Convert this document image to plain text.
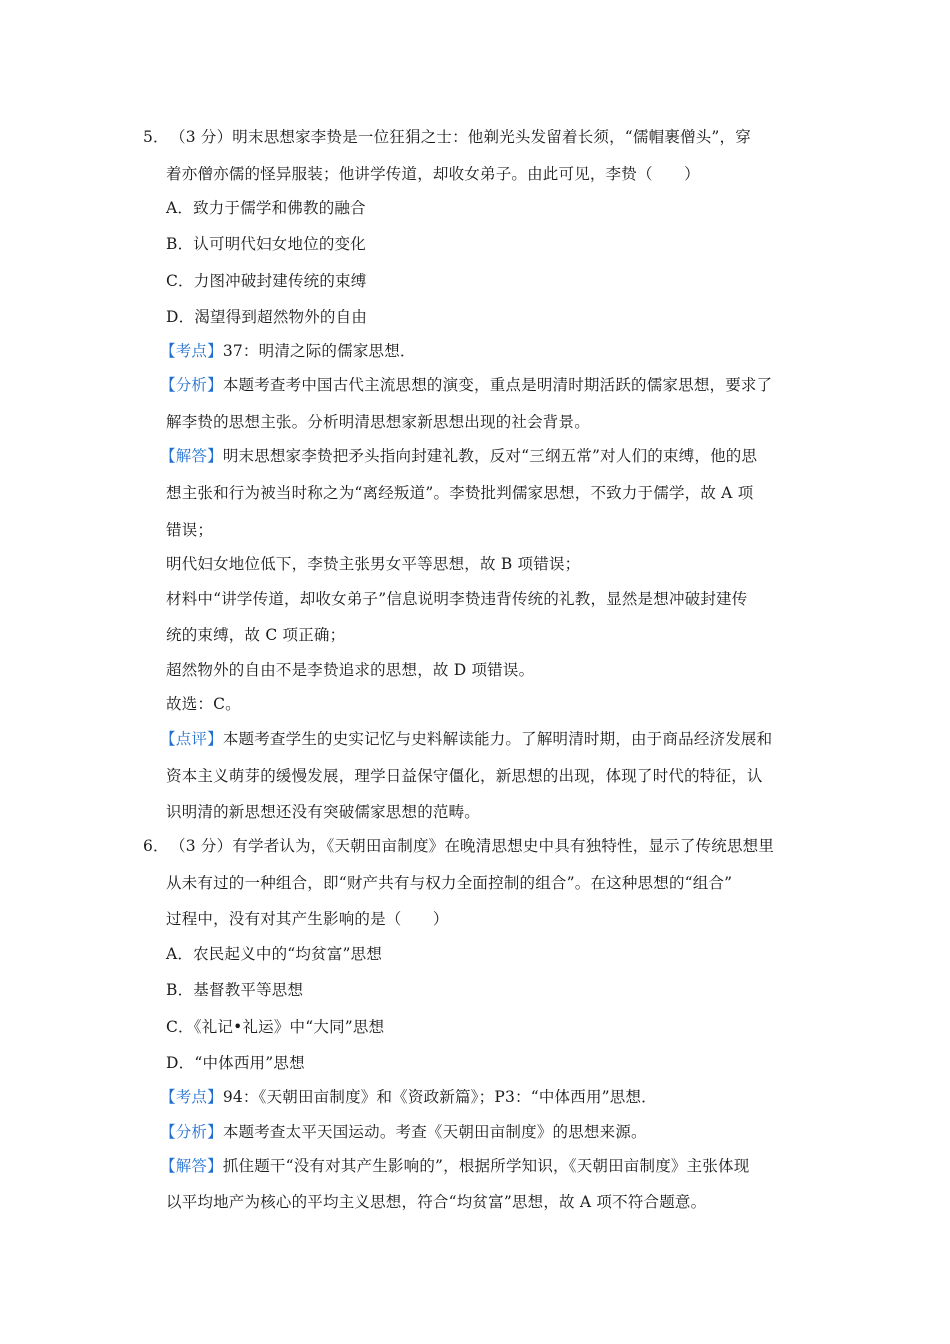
5． （3 分）明末思想家李贽是一位狂狷之士：他剃光头发留着长须，“儒帽裹僧头”，穿
着亦僧亦儒的怪异服装；他讲学传道，却收女弟子。由此可见，李贽（　　）
A．致力于儒学和佛教的融合
B．认可明代妇女地位的变化
C．力图冲破封建传统的束缚
D．渴望得到超然物外的自由
【考点】37：明清之际的儒家思想．
【分析】本题考查考中国古代主流思想的演变，重点是明清时期活跃的儒家思想，要求了
解李贽的思想主张。分析明清思想家新思想出现的社会背景。
【解答】明末思想家李贽把矛头指向封建礼教，反对“三纲五常”对人们的束缚，他的思
想主张和行为被当时称之为“离经叛道”。李贽批判儒家思想，不致力于儒学，故 A 项
错误；
明代妇女地位低下，李贽主张男女平等思想，故 B 项错误；
材料中“讲学传道，却收女弟子”信息说明李贽违背传统的礼教，显然是想冲破封建传
统的束缚，故 C 项正确；
超然物外的自由不是李贽追求的思想，故 D 项错误。
故选：C。
【点评】本题考查学生的史实记忆与史料解读能力。了解明清时期，由于商品经济发展和
资本主义萌芽的缓慢发展，理学日益保守僵化，新思想的出现，体现了时代的特征，认
识明清的新思想还没有突破儒家思想的范畴。
6． （3 分）有学者认为，《天朝田亩制度》在晚清思想史中具有独特性，显示了传统思想里
从未有过的一种组合，即“财产共有与权力全面控制的组合”。在这种思想的“组合”
过程中，没有对其产生影响的是（　　）
A．农民起义中的“均贫富”思想
B．基督教平等思想
C．《礼记•礼运》中“大同”思想
D．“中体西用”思想
【考点】94：《天朝田亩制度》和《资政新篇》；P3：“中体西用”思想．
【分析】本题考查太平天国运动。考查《天朝田亩制度》的思想来源。
【解答】抓住题干“没有对其产生影响的”，根据所学知识，《天朝田亩制度》主张体现
以平均地产为核心的平均主义思想，符合“均贫富”思想，故 A 项不符合题意。
